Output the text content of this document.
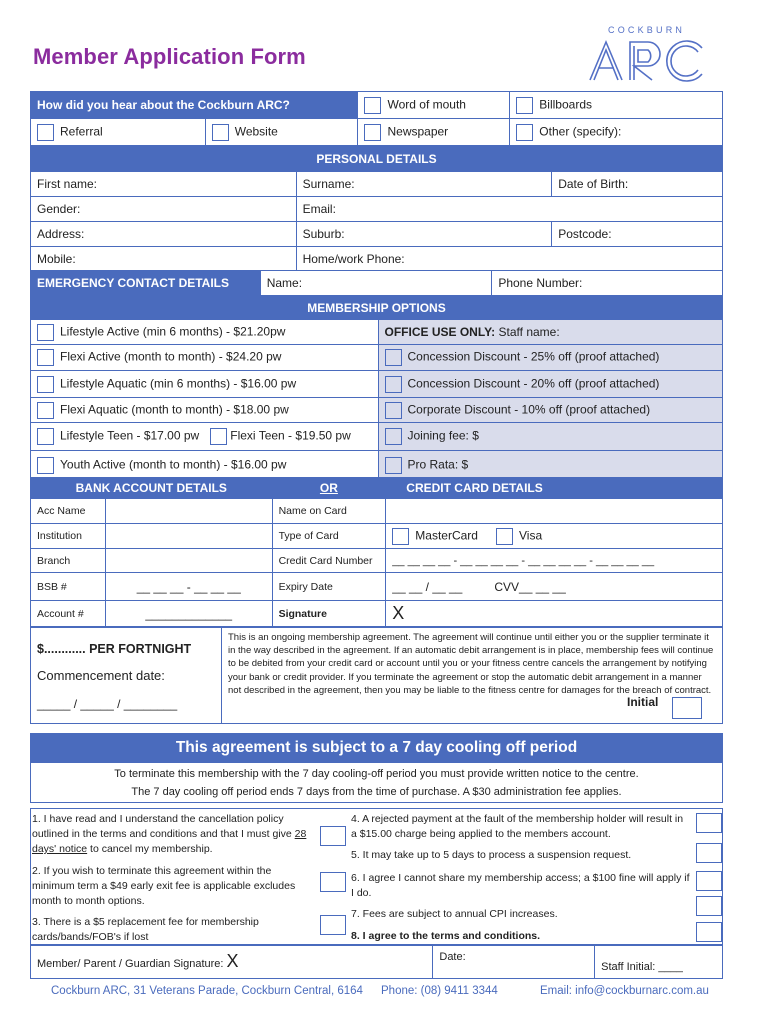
Member Application Form
COCKBURN
How did you hear about the Cockburn ARC?		Word of mouth	Billboards
Referral	Website	Newspaper	Other (specify):
PERSONAL DETAILS		
First name:	Surname:	Date of Birth:
Gender:	Email:	
Address:	Suburb:	Postcode:
Mobile:	Home/work Phone:	
EMERGENCY CONTACT DETAILS	Name:	Phone Number:
MEMBERSHIP OPTIONS		
Lifestyle Active (min 6 months) - $21.20pw		OFFICE USE ONLY: Staff name:
Flexi Active (month to month) - $24.20 pw		Concession Discount - 25% off (proof attached)
Lifestyle Aquatic (min 6 months) - $16.00 pw		Concession Discount - 20% off (proof attached)
Flexi Aquatic (month to month) - $18.00 pw		Corporate Discount - 10% off (proof attached)
Lifestyle Teen - $17.00 pw	Flexi Teen - $19.50 pw	Joining fee: $
Youth Active (month to month) - $16.00 pw		Pro Rata: $
BANK ACCOUNT DETAILS		OR	CREDIT CARD DETAILS
Acc Name		Name on Card	
Institution		Type of Card	MasterCard Visa
Branch		Credit Card Number	__ __ __ __ - __ __ __ __ - __ __ __ __ - __ __ __ __
BSB #	__ __ __ - __ __ __	Expiry Date	__ __ / __ __ CVV__ __ __
Account #	_____________	Signature	X
$............ PER FORTNIGHT
Commencement date:
_____ / _____ / ________

This is an ongoing membership agreement. The agreement will continue until either you or the supplier terminate it in the way described in the agreement. If an automatic debit arrangement is in place, membership fees will continue to be debited from your credit card or account until you or your fitness centre cancels the arrangement by notifying your bank or credit provider. If you terminate the agreement or stop the automatic debit arrangement in a manner not described in the agreement, then you may be liable to the fitness centre for damages for the breach of contract.
Initial
This agreement is subject to a 7 day cooling off period
To terminate this membership with the 7 day cooling-off period you must provide written notice to the centre.
The 7 day cooling off period ends 7 days from the time of purchase. A $30 administration fee applies.
1. I have read and I understand the cancellation policy outlined in the terms and conditions and that I must give 28 days' notice to cancel my membership.
2. If you wish to terminate this agreement within the minimum term a $49 early exit fee is applicable excludes month to month options.
3. There is a $5 replacement fee for membership cards/bands/FOB's if lost
4. A rejected payment at the fault of the membership holder will result in a $15.00 charge being applied to the members account.
5. It may take up to 5 days to process a suspension request.
6. I agree I cannot share my membership access; a $100 fine will apply if I do.
7. Fees are subject to annual CPI increases.
8. I agree to the terms and conditions.
Member/ Parent / Guardian Signature: X	Date:	Staff Initial: ____
Cockburn ARC, 31 Veterans Parade, Cockburn Central, 6164 Phone: (08) 9411 3344	Email: info@cockburnarc.com.au
